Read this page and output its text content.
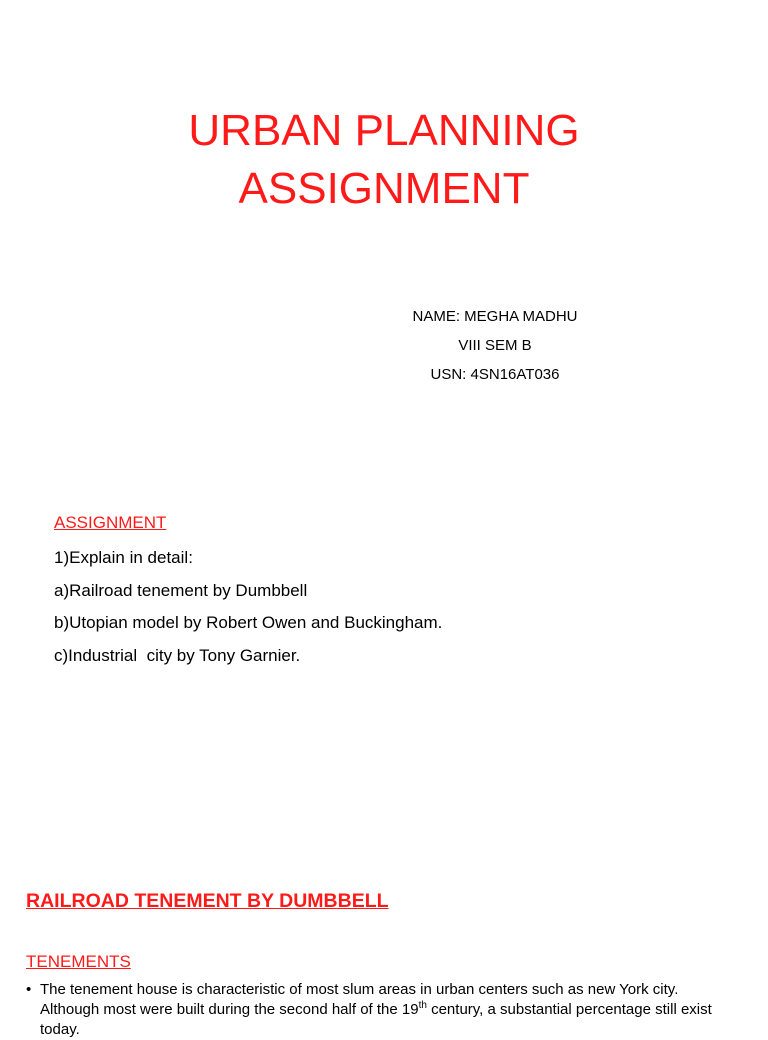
URBAN PLANNING
ASSIGNMENT
NAME: MEGHA MADHU
VIII SEM B
USN: 4SN16AT036
ASSIGNMENT
1)Explain in detail:
a)Railroad tenement by Dumbbell
b)Utopian model by Robert Owen and Buckingham.
c)Industrial  city by Tony Garnier.
RAILROAD TENEMENT BY DUMBBELL
TENEMENTS
• The tenement house is characteristic of most slum areas in urban centers such as new York city. Although most were built during the second half of the 19th century, a substantial percentage still exist today.
